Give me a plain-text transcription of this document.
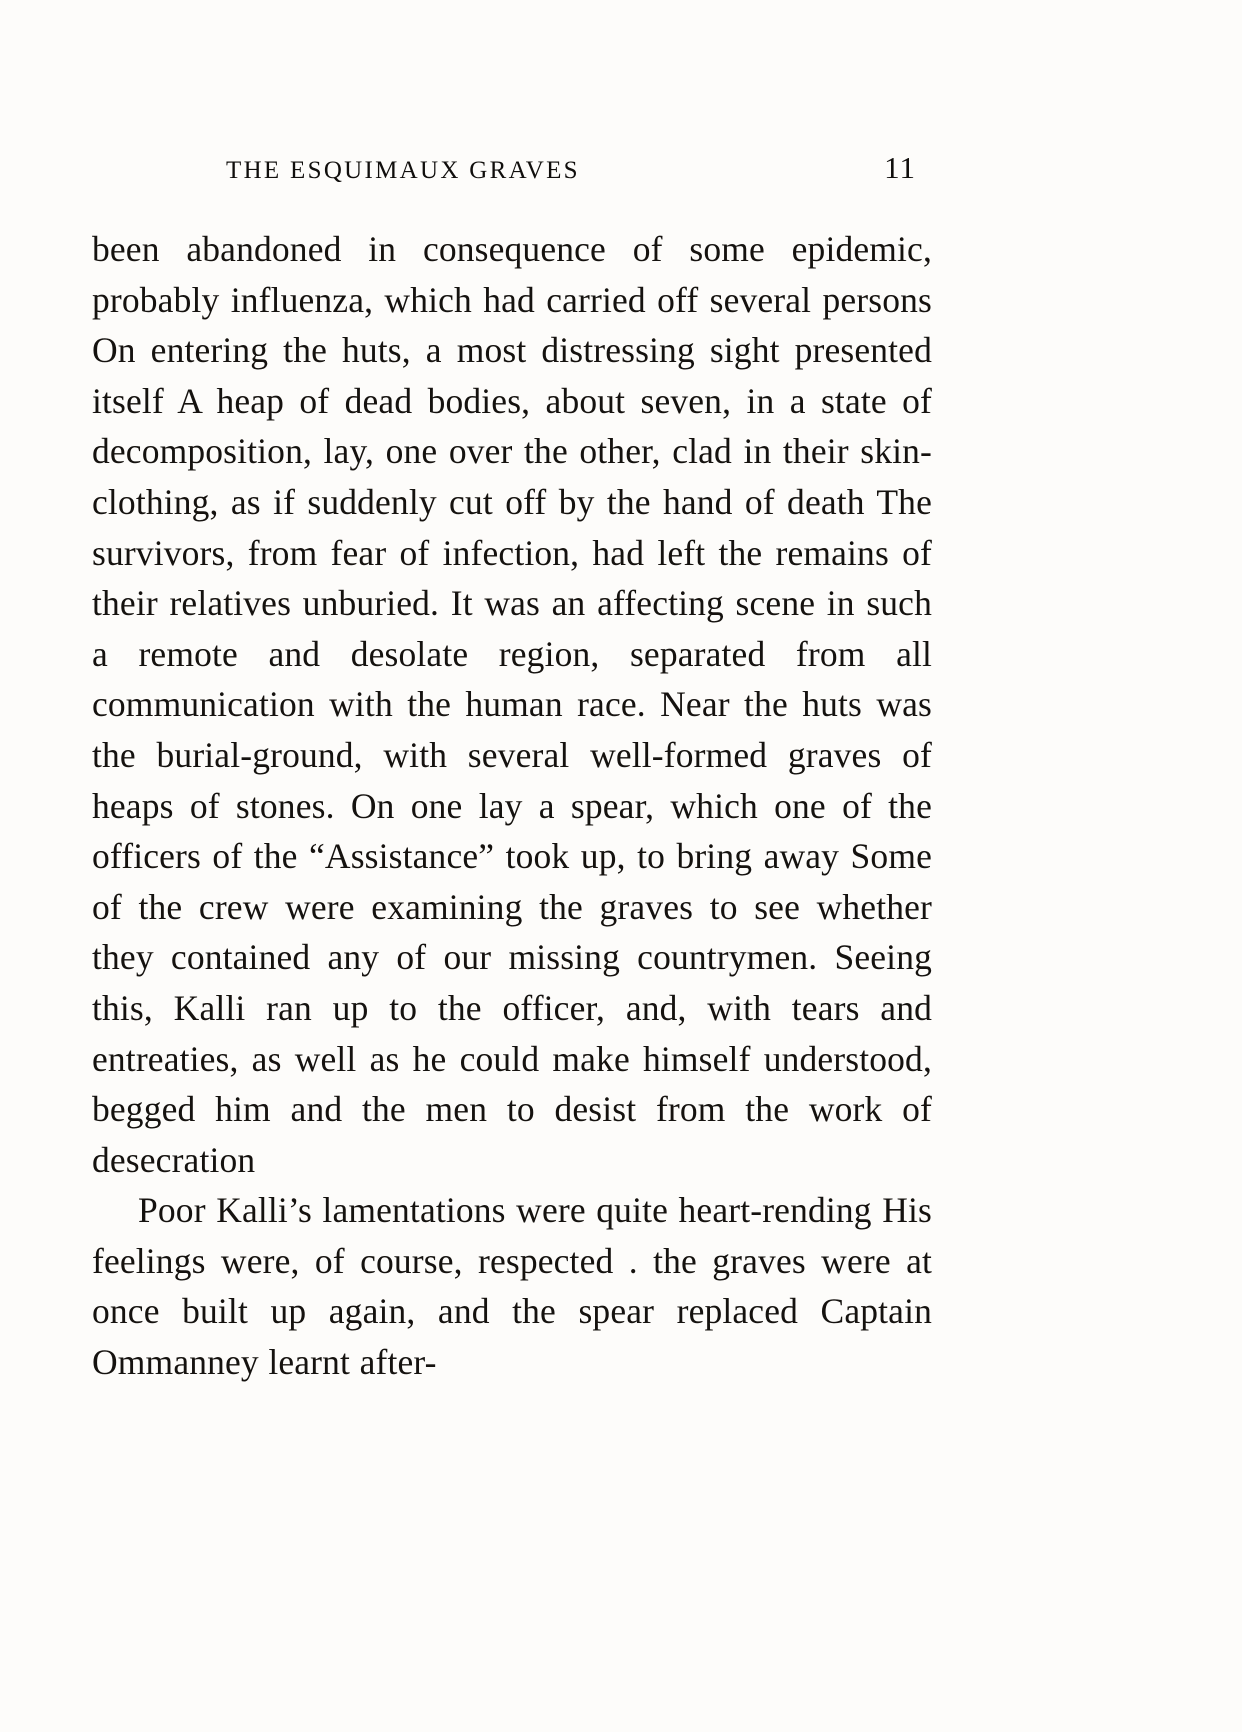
THE ESQUIMAUX GRAVES	11

been abandoned in consequence of some epidemic, probably influenza, which had carried off several persons On entering the huts, a most distressing sight presented itself A heap of dead bodies, about seven, in a state of decomposition, lay, one over the other, clad in their skin-clothing, as if suddenly cut off by the hand of death The survivors, from fear of infection, had left the remains of their relatives unburied. It was an affecting scene in such a remote and desolate region, separated from all communication with the human race. Near the huts was the burial-ground, with several well-formed graves of heaps of stones. On one lay a spear, which one of the officers of the “Assistance” took up, to bring away Some of the crew were examining the graves to see whether they contained any of our missing countrymen. Seeing this, Kalli ran up to the officer, and, with tears and entreaties, as well as he could make himself understood, begged him and the men to desist from the work of desecration

Poor Kalli’s lamentations were quite heart-rending His feelings were, of course, respected . the graves were at once built up again, and the spear replaced Captain Ommanney learnt after-
